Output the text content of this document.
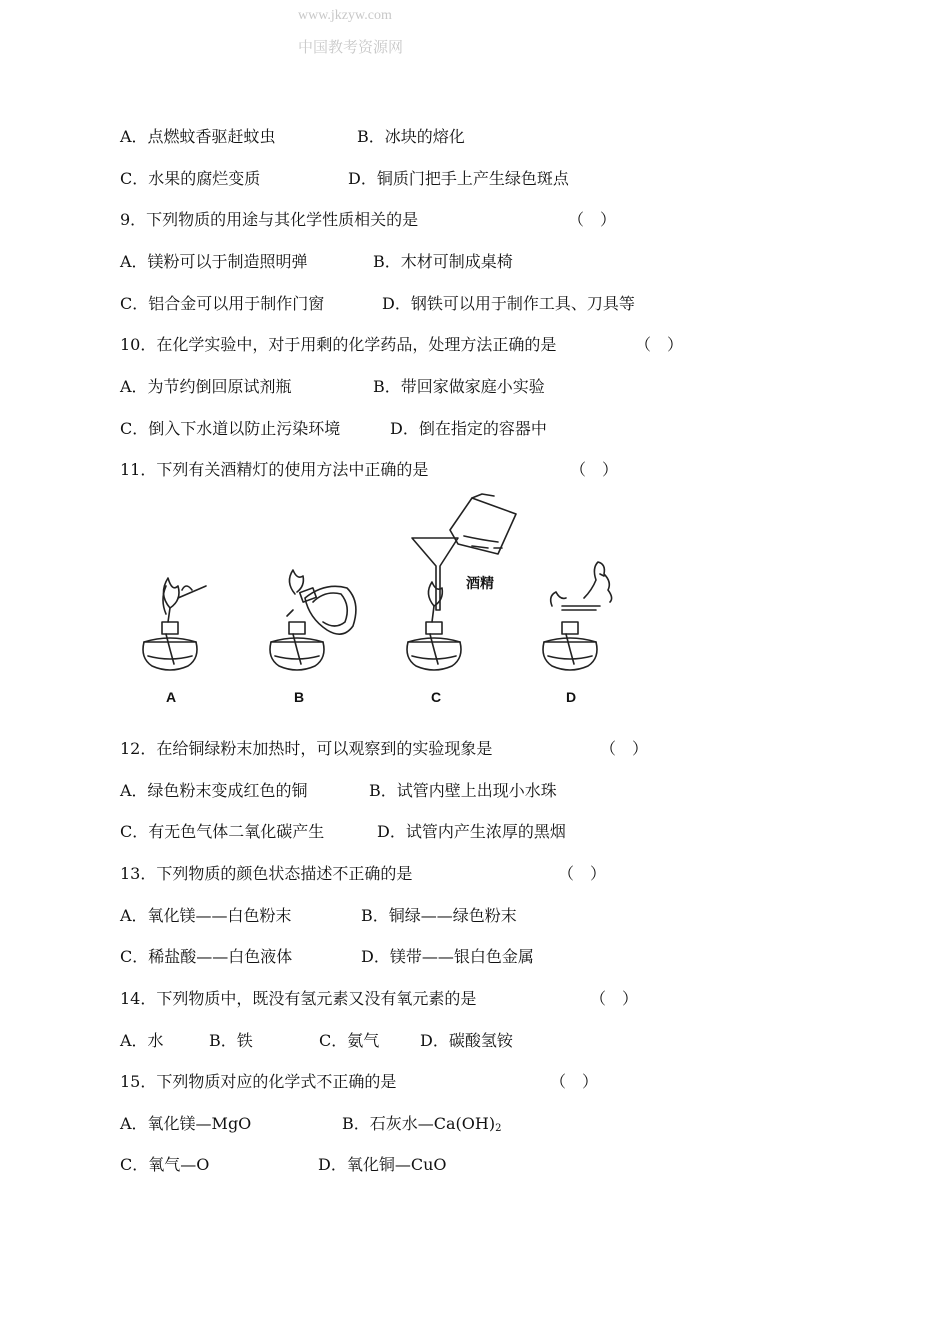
www.jkzyw.com
中国教考资源网
A．点燃蚊香驱赶蚊虫	B．冰块的熔化
C．水果的腐烂变质	D．铜质门把手上产生绿色斑点
9．下列物质的用途与其化学性质相关的是	（　）
A．镁粉可以于制造照明弹	B．木材可制成桌椅
C．铝合金可以用于制作门窗	D．钢铁可以用于制作工具、刀具等
10．在化学实验中，对于用剩的化学药品，处理方法正确的是	（　）
A．为节约倒回原试剂瓶	B．带回家做家庭小实验
C．倒入下水道以防止污染环境	D．倒在指定的容器中
11．下列有关酒精灯的使用方法中正确的是	（　）
酒精
A	B	C	D
12．在给铜绿粉末加热时，可以观察到的实验现象是	（　）
A．绿色粉末变成红色的铜	B．试管内壁上出现小水珠
C．有无色气体二氧化碳产生	D．试管内产生浓厚的黑烟
13．下列物质的颜色状态描述不正确的是	（　）
A．氧化镁——白色粉末	B．铜绿——绿色粉末
C．稀盐酸——白色液体	D．镁带——银白色金属
14．下列物质中，既没有氢元素又没有氧元素的是	（　）
A．水	B．铁	C．氨气	D．碳酸氢铵
15．下列物质对应的化学式不正确的是	（　）
A．氧化镁—MgO	B．石灰水$—Ca(OH)_2$
C．氧气—O	D．氧化铜—CuO
